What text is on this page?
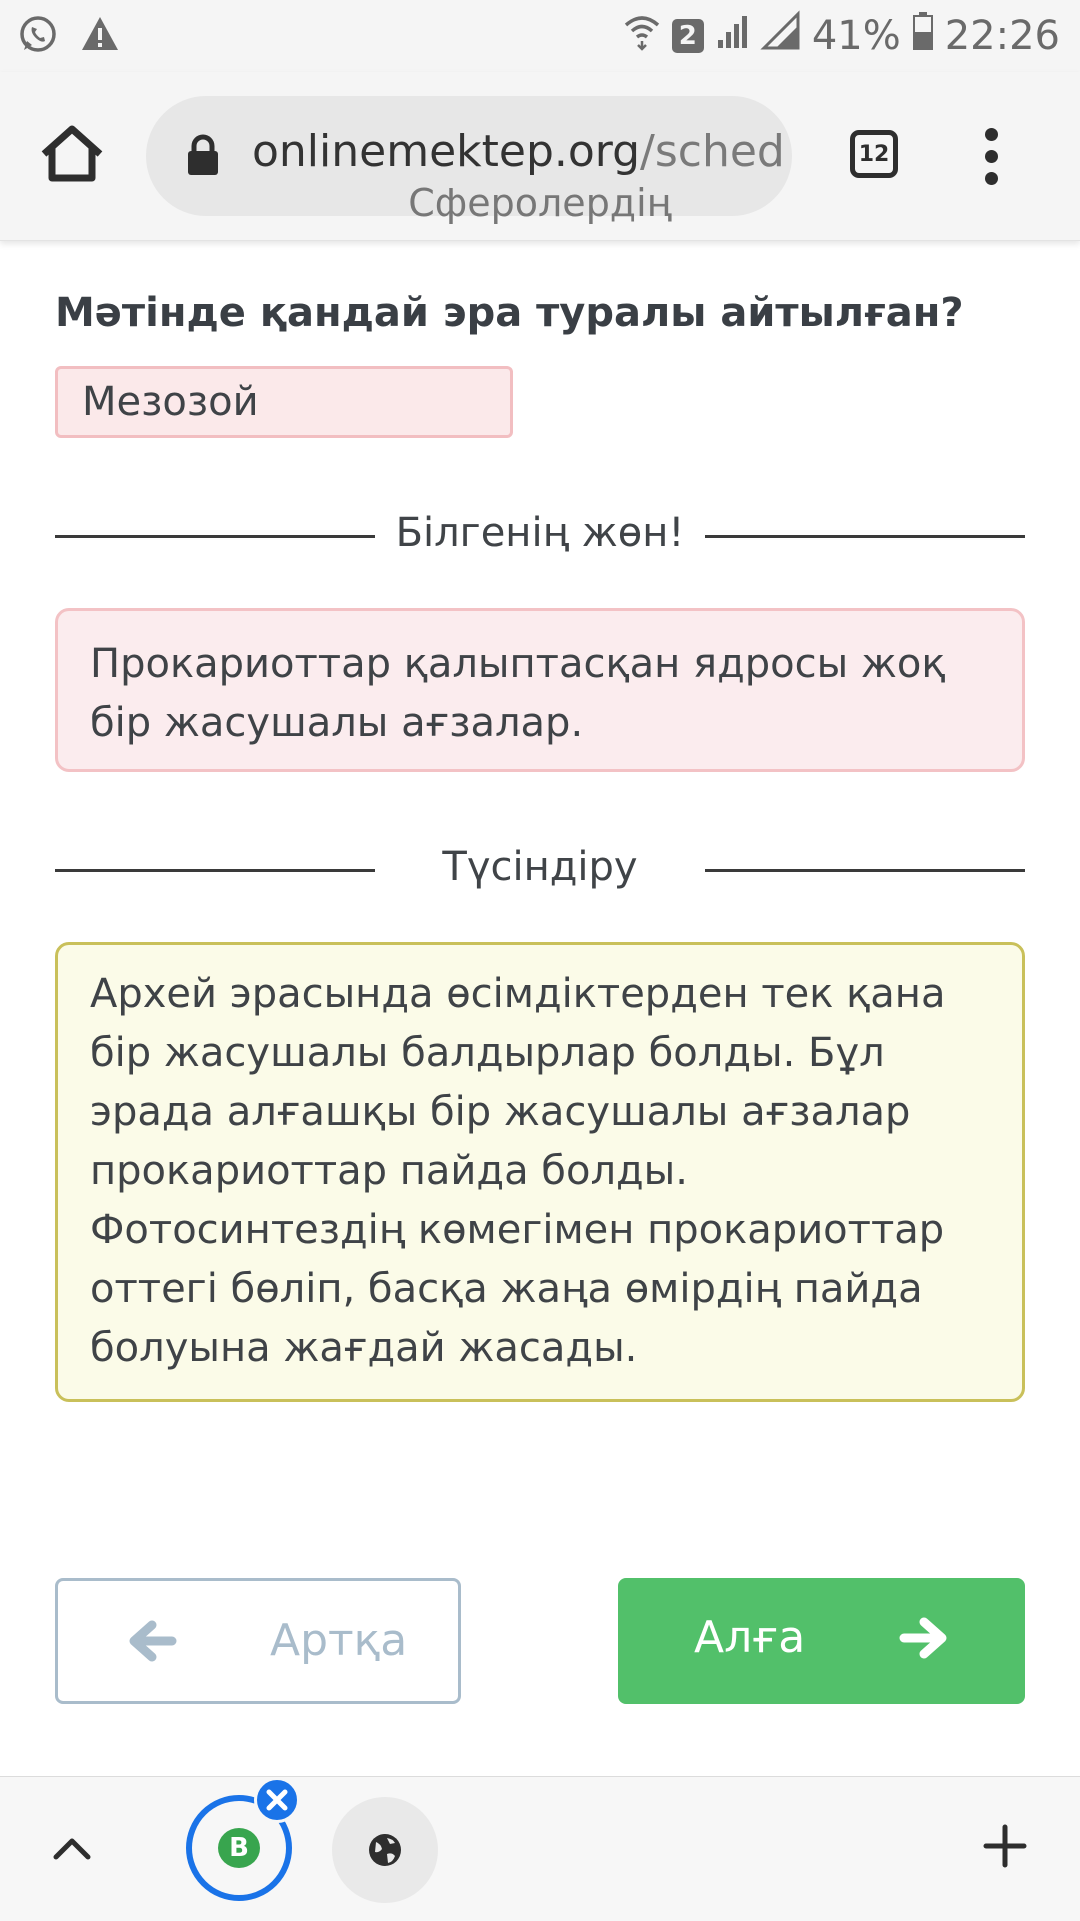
2	41% 22:26
onlinemektep.org/sched	12
Сферолердің
Мәтінде қандай эра туралы айтылған?
Мезозой
Білгенің жөн!

Прокариоттар қалыптасқан ядросы жоқ бір жасушалы ағзалар.

Түсіндіру

Архей эрасында өсімдіктерден тек қана бір жасушалы балдырлар болды. Бұл эрада алғашқы бір жасушалы ағзалар прокариоттар пайда болды. Фотосинтездің көмегімен прокариоттар оттегі бөліп, басқа жаңа өмірдің пайда болуына жағдай жасады.

Артқа	Алға
B
